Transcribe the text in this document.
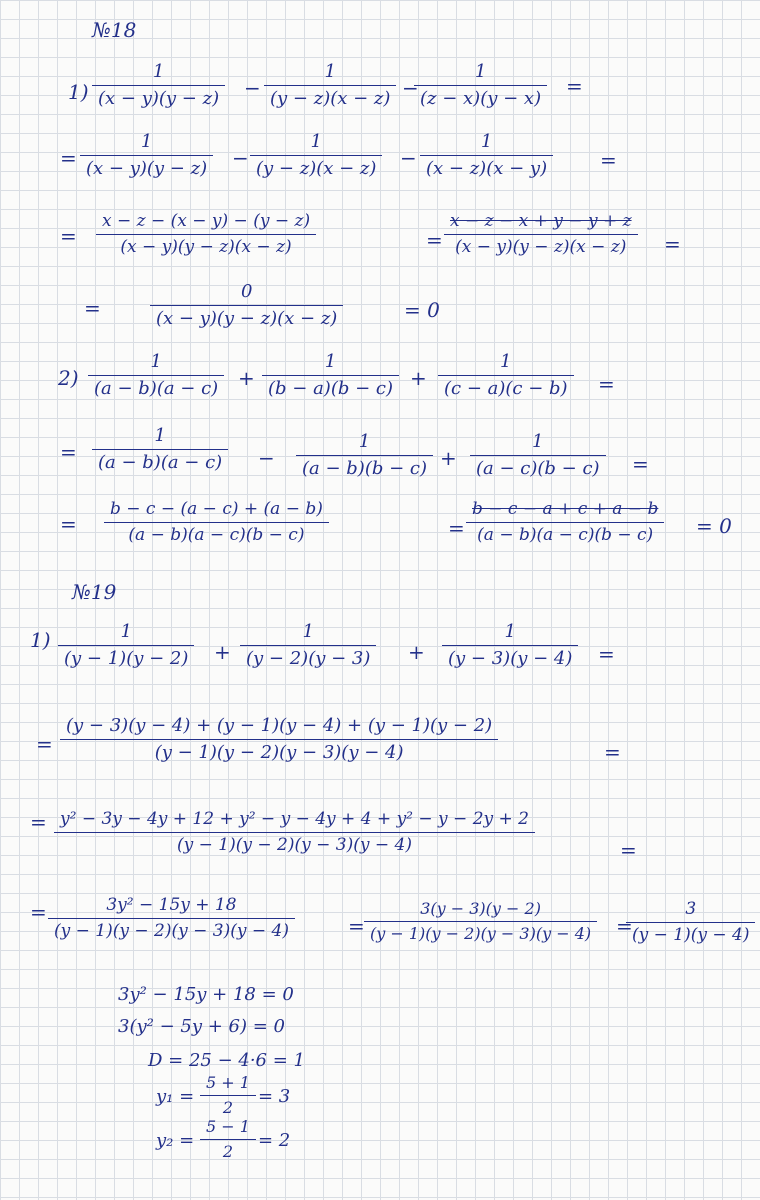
№18
1)
1
(x − y)(y − z)	−
1
(y − z)(x − z) −
1
(z − x)(y − x)
=
=
1
(x − y)(y − z)	−
1
(y − z)(x − z)	−
1
(x − z)(x − y)	=
=
x − z − (x − y) − (y − z)
(x − y)(y − z)(x − z)	=
x − z − x + y − y + z
(x − y)(y − z)(x − z)	=
=
0
(x − y)(y − z)(x − z)	= 0
2)
1
(a − b)(a − c) +
1
(b − a)(b − c) +
1
(c − a)(c − b)	=
=
1
(a − b)(a − c)	−
1
(a − b)(b − c) +
1
(a − c)(b − c)	=
=
b − c − (a − c) + (a − b)
(a − b)(a − c)(b − c)	=
b − c − a + c + a − b
(a − b)(a − c)(b − c)	= 0
№19
1)	1
(y − 1)(y − 2)	+
1
(y − 2)(y − 3)	+
1
(y − 3)(y − 4)	=
=
(y − 3)(y − 4) + (y − 1)(y − 4) + (y − 1)(y − 2)
(y − 1)(y − 2)(y − 3)(y − 4)	=
= y² − 3y − 4y + 12 + y² − y − 4y + 4 + y² − y − 2y + 2
(y − 1)(y − 2)(y − 3)(y − 4)	=
=	3y² − 15y + 18
(y − 1)(y − 2)(y − 3)(y − 4)	=
3(y − 3)(y − 2)
(y − 1)(y − 2)(y − 3)(y − 4)	=
3
(y − 1)(y − 4)
3y² − 15y + 18 = 0
3(y² − 5y + 6) = 0
D = 25 − 4·6 = 1
y₁ =
5 + 1
2
= 3
y₂ =
5 − 1
2
= 2
